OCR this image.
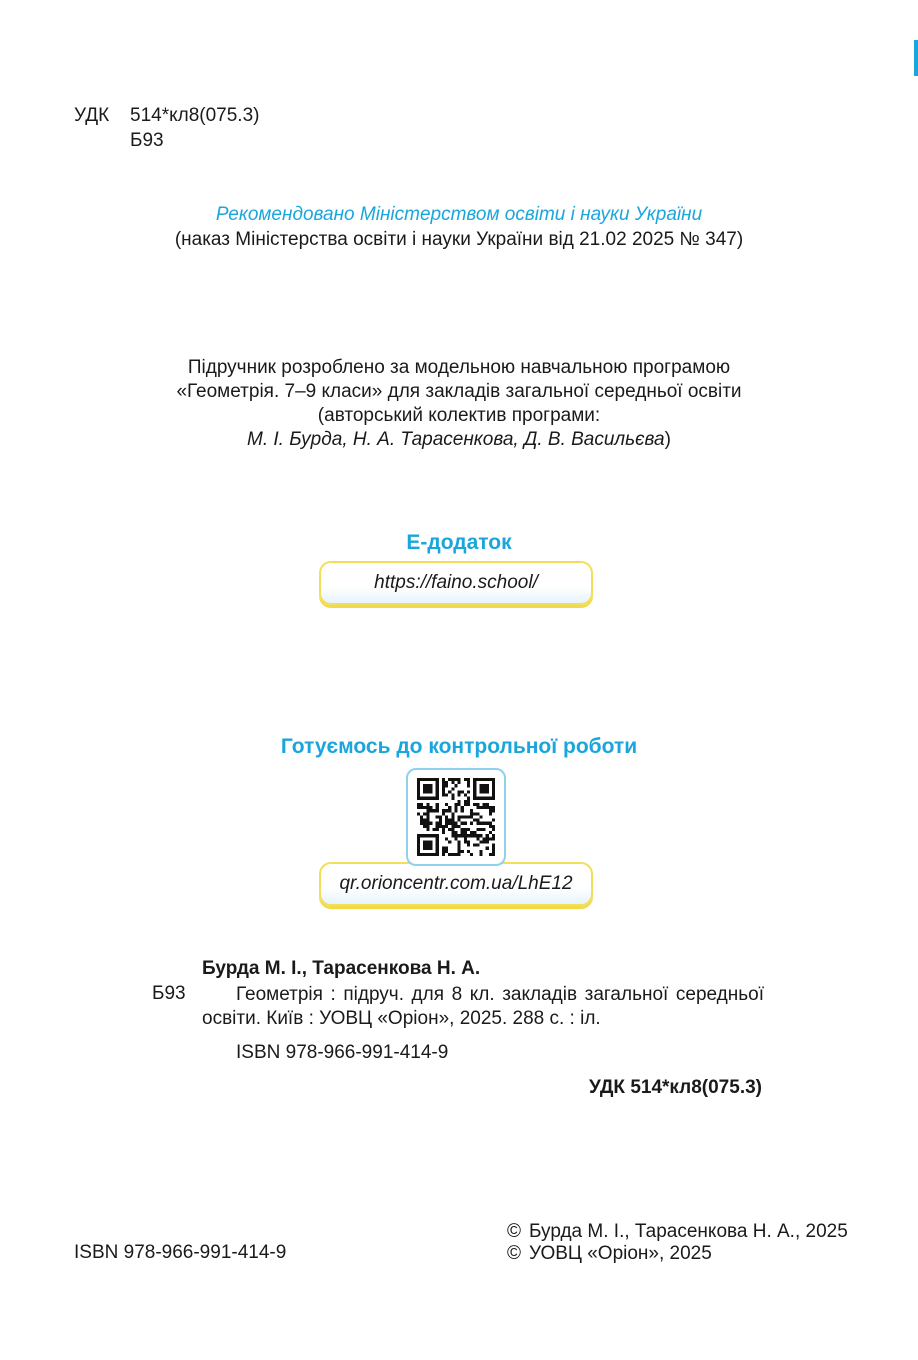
УДК 514*кл8(075.3)
Б93
Рекомендовано Міністерством освіти і науки України
(наказ Міністерства освіти і науки України від 21.02 2025 № 347)
Підручник розроблено за модельною навчальною програмою
«Геометрія. 7–9 класи» для закладів загальної середньої освіти
(авторський колектив програми:
М. І. Бурда, Н. А. Тарасенкова, Д. В. Васильєва)
Е-додаток
https://faino.school/
Готуємось до контрольної роботи
qr.orioncentr.com.ua/LhE12
Бурда М. І., Тарасенкова Н. А.
Б93	Геометрія : підруч. для 8 кл. закладів загальної середньої освіти. Київ : УОВЦ «Оріон», 2025. 288 с. : іл.
ISBN 978-966-991-414-9
УДК 514*кл8(075.3)
ISBN 978-966-991-414-9
© Бурда М. І., Тарасенкова Н. А., 2025
© УОВЦ «Оріон», 2025
